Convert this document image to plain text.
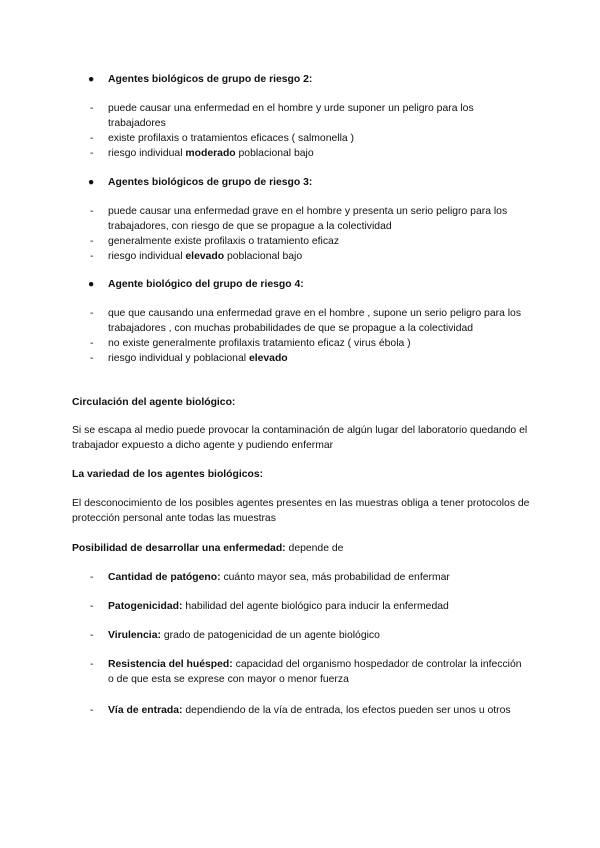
● Agentes biológicos de grupo de riesgo 2:
- puede causar una enfermedad en el hombre y urde suponer un peligro para los trabajadores
- existe profilaxis o tratamientos eficaces ( salmonella )
- riesgo individual moderado poblacional bajo
● Agentes biológicos de grupo de riesgo 3:
- puede causar una enfermedad grave en el hombre y presenta un serio peligro para los trabajadores, con riesgo de que se propague a la colectividad
- generalmente existe profilaxis o tratamiento eficaz
- riesgo individual elevado poblacional bajo
● Agente biológico del grupo de riesgo 4:
- que que causando una enfermedad grave en el hombre , supone un serio peligro para los trabajadores , con muchas probabilidades de que se propague a la colectividad
- no existe generalmente profilaxis tratamiento eficaz ( virus ébola )
- riesgo individual y poblacional elevado
Circulación del agente biológico:
Si se escapa al medio puede provocar la contaminación de algún lugar del laboratorio quedando el trabajador expuesto a dicho agente y pudiendo enfermar
La variedad de los agentes biológicos:
El desconocimiento de los posibles agentes presentes en las muestras obliga a tener protocolos de protección personal ante todas las muestras
Posibilidad de desarrollar una enfermedad: depende de
- Cantidad de patógeno: cuánto mayor sea, más probabilidad de enfermar
- Patogenicidad: habilidad del agente biológico para inducir la enfermedad
- Virulencia: grado de patogenicidad de un agente biológico
- Resistencia del huésped: capacidad del organismo hospedador de controlar la infección o de que esta se exprese con mayor o menor fuerza
- Vía de entrada: dependiendo de la vía de entrada, los efectos pueden ser unos u otros
